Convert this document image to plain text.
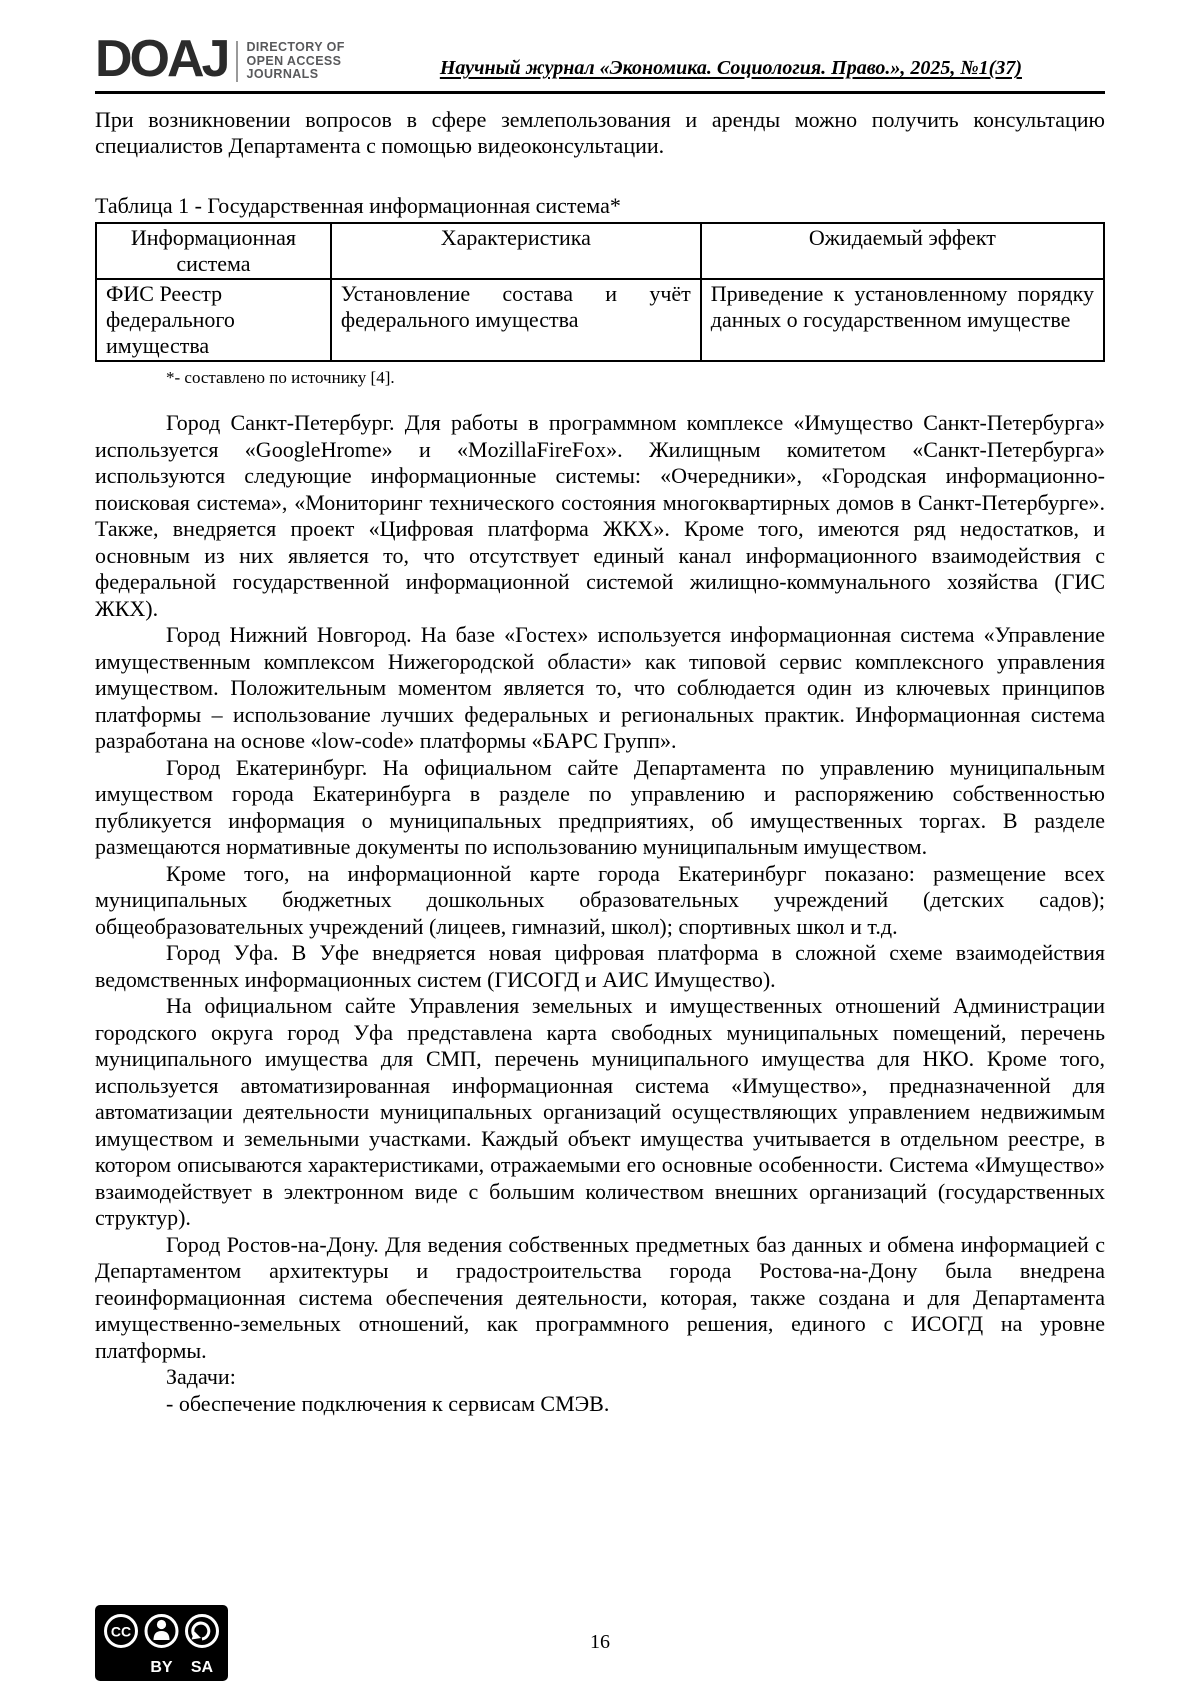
DOAJ DIRECTORY OF
OPEN ACCESS
JOURNALS	Научный журнал «Экономика. Социология. Право.», 2025, №1(37)

При возникновении вопросов в сфере землепользования и аренды можно получить консультацию специалистов Департамента с помощью видеоконсультации.

Таблица 1 - Государственная информационная система*

Информационная система	Характеристика	Ожидаемый эффект
ФИС Реестр федерального имущества	Установление состава и учёт федерального имущества	Приведение к установленному порядку данных о государственном имуществе

*- составлено по источнику [4].

Город Санкт-Петербург. Для работы в программном комплексе «Имущество Санкт-Петербурга» используется «GoogleHrome» и «MozillaFireFox». Жилищным комитетом «Санкт-Петербурга» используются следующие информационные системы: «Очередники», «Городская информационно-поисковая система», «Мониторинг технического состояния многоквартирных домов в Санкт-Петербурге». Также, внедряется проект «Цифровая платформа ЖКХ». Кроме того, имеются ряд недостатков, и основным из них является то, что отсутствует единый канал информационного взаимодействия с федеральной государственной информационной системой жилищно-коммунального хозяйства (ГИС ЖКХ).

Город Нижний Новгород. На базе «Гостех» используется информационная система «Управление имущественным комплексом Нижегородской области» как типовой сервис комплексного управления имуществом. Положительным моментом является то, что соблюдается один из ключевых принципов платформы – использование лучших федеральных и региональных практик. Информационная система разработана на основе «low-code» платформы «БАРС Групп».

Город Екатеринбург. На официальном сайте Департамента по управлению муниципальным имуществом города Екатеринбурга в разделе по управлению и распоряжению собственностью публикуется информация о муниципальных предприятиях, об имущественных торгах. В разделе размещаются нормативные документы по использованию муниципальным имуществом.

Кроме того, на информационной карте города Екатеринбург показано: размещение всех муниципальных бюджетных дошкольных образовательных учреждений (детских садов); общеобразовательных учреждений (лицеев, гимназий, школ); спортивных школ и т.д.

Город Уфа. В Уфе внедряется новая цифровая платформа в сложной схеме взаимодействия ведомственных информационных систем (ГИСОГД и АИС Имущество).

На официальном сайте Управления земельных и имущественных отношений Администрации городского округа город Уфа представлена карта свободных муниципальных помещений, перечень муниципального имущества для СМП, перечень муниципального имущества для НКО. Кроме того, используется автоматизированная информационная система «Имущество», предназначенной для автоматизации деятельности муниципальных организаций осуществляющих управлением недвижимым имуществом и земельными участками. Каждый объект имущества учитывается в отдельном реестре, в котором описываются характеристиками, отражаемыми его основные особенности. Система «Имущество» взаимодействует в электронном виде с большим количеством внешних организаций (государственных структур).

Город Ростов-на-Дону. Для ведения собственных предметных баз данных и обмена информацией с Департаментом архитектуры и градостроительства города Ростова-на-Дону была внедрена геоинформационная система обеспечения деятельности, которая, также создана и для Департамента имущественно-земельных отношений, как программного решения, единого с ИСОГД на уровне платформы.

Задачи:

- обеспечение подключения к сервисам СМЭВ.

CC
BY SA
16
